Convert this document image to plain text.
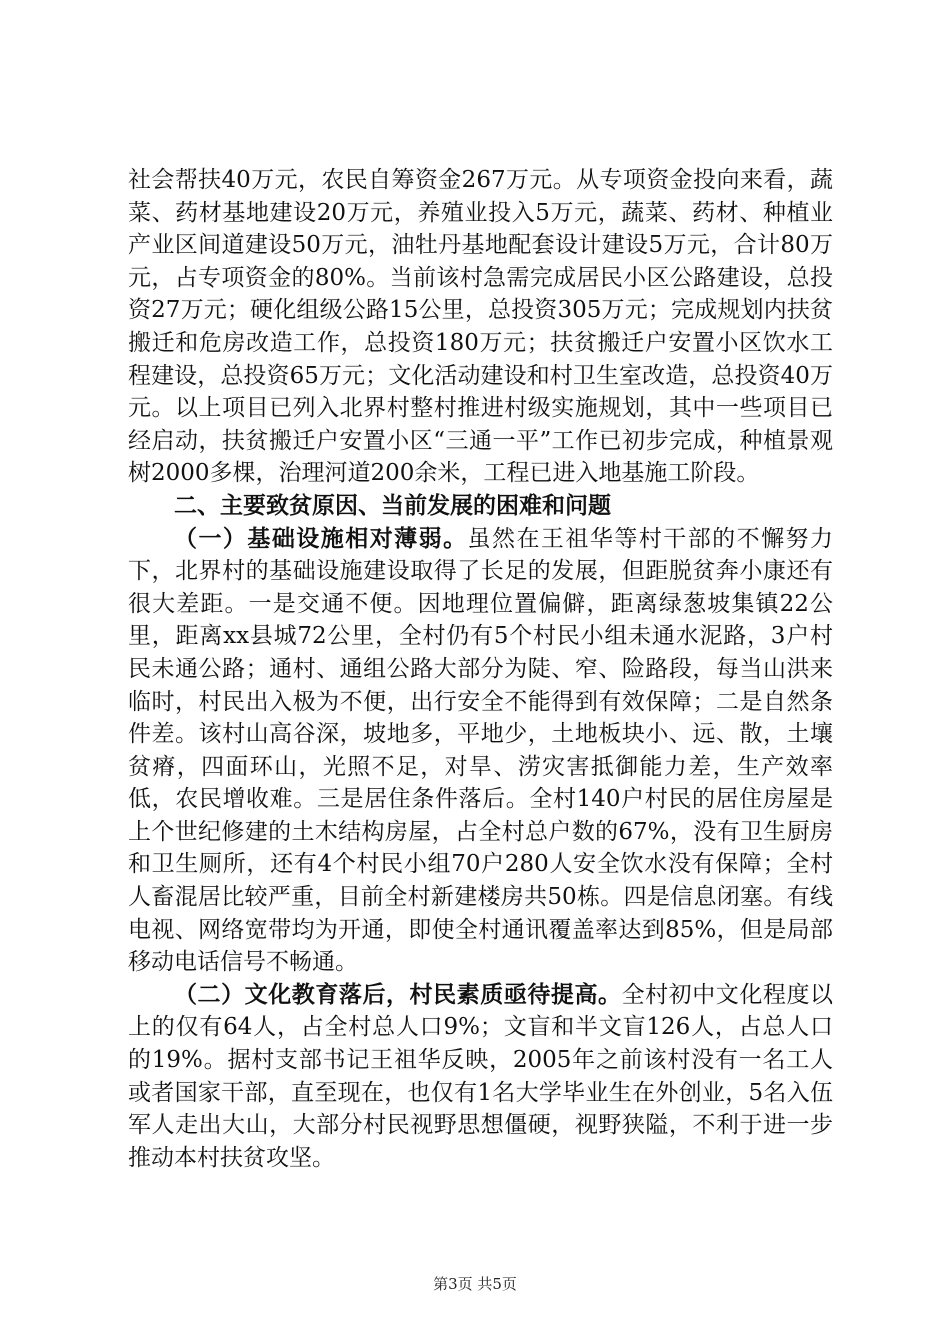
社会帮扶40万元，农民自筹资金267万元。从专项资金投向来看，蔬菜、药材基地建设20万元，养殖业投入5万元，蔬菜、药材、种植业产业区间道建设50万元，油牡丹基地配套设计建设5万元，合计80万元，占专项资金的80%。当前该村急需完成居民小区公路建设，总投资27万元；硬化组级公路15公里，总投资305万元；完成规划内扶贫搬迁和危房改造工作，总投资180万元；扶贫搬迁户安置小区饮水工程建设，总投资65万元；文化活动建设和村卫生室改造，总投资40万元。以上项目已列入北界村整村推进村级实施规划，其中一些项目已经启动，扶贫搬迁户安置小区“三通一平”工作已初步完成，种植景观树2000多棵，治理河道200余米，工程已进入地基施工阶段。

二、主要致贫原因、当前发展的困难和问题

（一）基础设施相对薄弱。虽然在王祖华等村干部的不懈努力下，北界村的基础设施建设取得了长足的发展，但距脱贫奔小康还有很大差距。一是交通不便。因地理位置偏僻，距离绿葱坡集镇22公里，距离xx县城72公里，全村仍有5个村民小组未通水泥路，3户村民未通公路；通村、通组公路大部分为陡、窄、险路段，每当山洪来临时，村民出入极为不便，出行安全不能得到有效保障；二是自然条件差。该村山高谷深，坡地多，平地少，土地板块小、远、散，土壤贫瘠，四面环山，光照不足，对旱、涝灾害抵御能力差，生产效率低，农民增收难。三是居住条件落后。全村140户村民的居住房屋是上个世纪修建的土木结构房屋，占全村总户数的67%，没有卫生厨房和卫生厕所，还有4个村民小组70户280人安全饮水没有保障；全村人畜混居比较严重，目前全村新建楼房共50栋。四是信息闭塞。有线电视、网络宽带均为开通，即使全村通讯覆盖率达到85%，但是局部移动电话信号不畅通。

（二）文化教育落后，村民素质亟待提高。全村初中文化程度以上的仅有64人，占全村总人口9%；文盲和半文盲126人，占总人口的19%。据村支部书记王祖华反映，2005年之前该村没有一名工人或者国家干部，直至现在，也仅有1名大学毕业生在外创业，5名入伍军人走出大山，大部分村民视野思想僵硬，视野狭隘，不利于进一步推动本村扶贫攻坚。

第3页 共5页
